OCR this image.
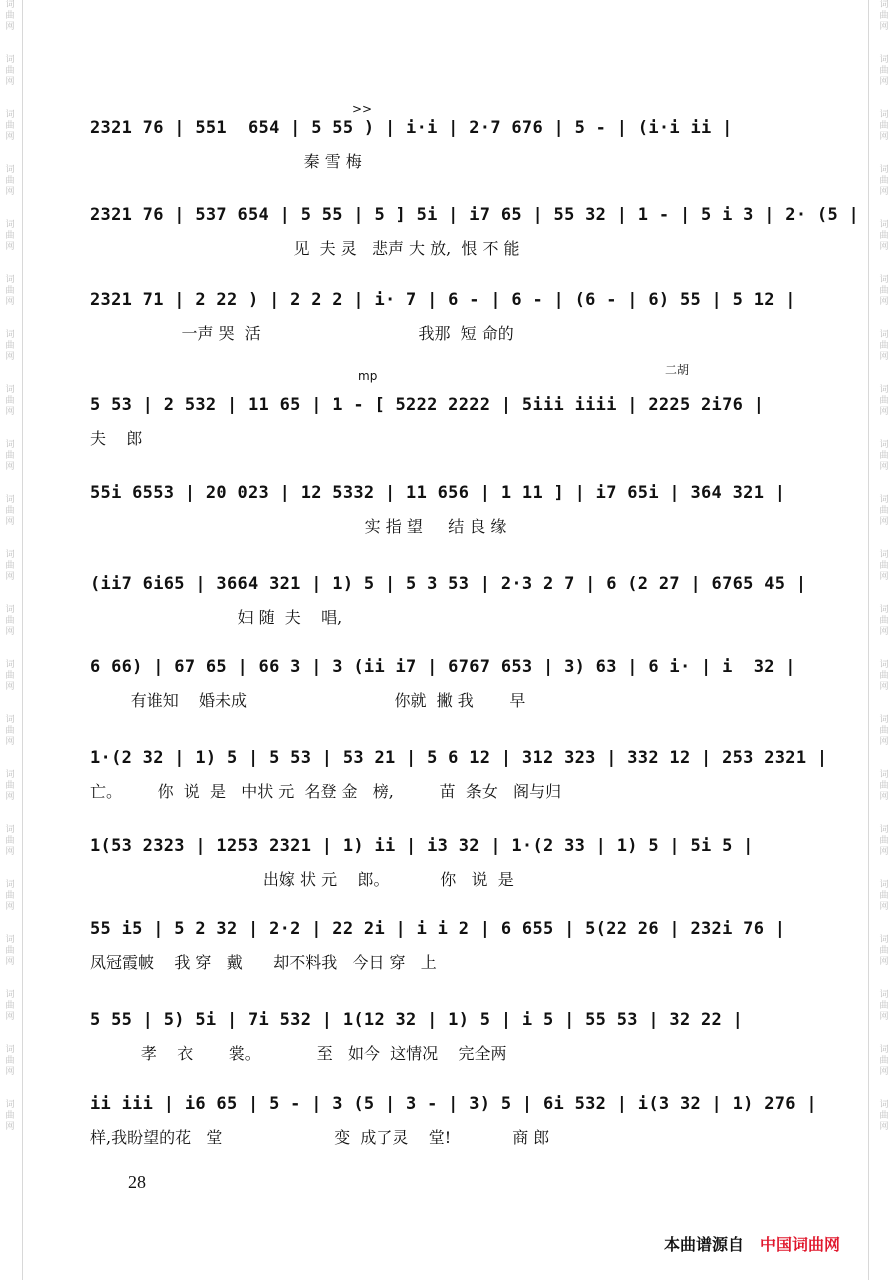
词
曲
网
词
曲
网
词
曲
网
词
曲
网
词
曲
网
词
曲
网
词
曲
网
词
曲
网
词
曲
网
词
曲
网
词
曲
网
词
曲
网
词
曲
网
词
曲
网
词
曲
网
词
曲
网
词
曲
网
词
曲
网
词
曲
网
词
曲
网
词
曲
网
词
曲
网
词
曲
网
词
曲
网
词
曲
网
词
曲
网
词
曲
网
词
曲
网
词
曲
网
词
曲
网
词
曲
网
词
曲
网
词
曲
网
词
曲
网
词
曲
网
词
曲
网
词
曲
网
词
曲
网
词
曲
网
词
曲
网
词
曲
网
词
曲
网
2321 76 | 551  654 | 5 55 ) | i·i | 2·7 676 | 5 - | (i·i ii |
秦 雪 梅
>>
2321 76 | 537 654 | 5 55 | 5 ] 5i | i7 65 | 55 32 | 1 - | 5 i 3 | 2· (5 |
见  夫 灵   悲声 大 放,  恨 不 能
2321 71 | 2 22 ) | 2 2 2 | i· 7 | 6 - | 6 - | (6 - | 6) 55 | 5 12 |
一声 哭  活                               我那  短 命的
5 53 | 2 532 | 11 65 | 1 - [ 5222 2222 | 5iii iiii | 2225 2i76 |
夫    郎
mp	二胡
55i 6553 | 20 023 | 12 5332 | 11 656 | 1 11 ] | i7 65i | 364 321 |
实 指 望     结 良 缘
(ii7 6i65 | 3664 321 | 1) 5 | 5 3 53 | 2·3 2 7 | 6 (2 27 | 6765 45 |
妇 随  夫    唱,
6 66) | 67 65 | 66 3 | 3 (ii i7 | 6767 653 | 3) 63 | 6 i· | i  32 |
有谁知    婚未成                             你就  撇 我       早
1·(2 32 | 1) 5 | 5 53 | 53 21 | 5 6 12 | 312 323 | 332 12 | 253 2321 |
亡。       你  说  是   中状 元  名登 金   榜,         苗  条女   阁与归
1(53 2323 | 1253 2321 | 1) ii | i3 32 | 1·(2 33 | 1) 5 | 5i 5 |
出嫁 状 元    郎。          你   说  是
55 i5 | 5 2 32 | 2·2 | 22 2i | i i 2 | 6 655 | 5(22 26 | 232i 76 |
凤冠霞帔    我 穿   戴      却不料我   今日 穿   上
5 55 | 5) 5i | 7i 532 | 1(12 32 | 1) 5 | i 5 | 55 53 | 32 22 |
孝    衣       裳。           至   如今  这情况    完全两
ii iii | i6 65 | 5 - | 3 (5 | 3 - | 3) 5 | 6i 532 | i(3 32 | 1) 276 |
样,我盼望的花   堂                      变  成了灵    堂!            商 郎
28
本曲谱源自 中国词曲网
